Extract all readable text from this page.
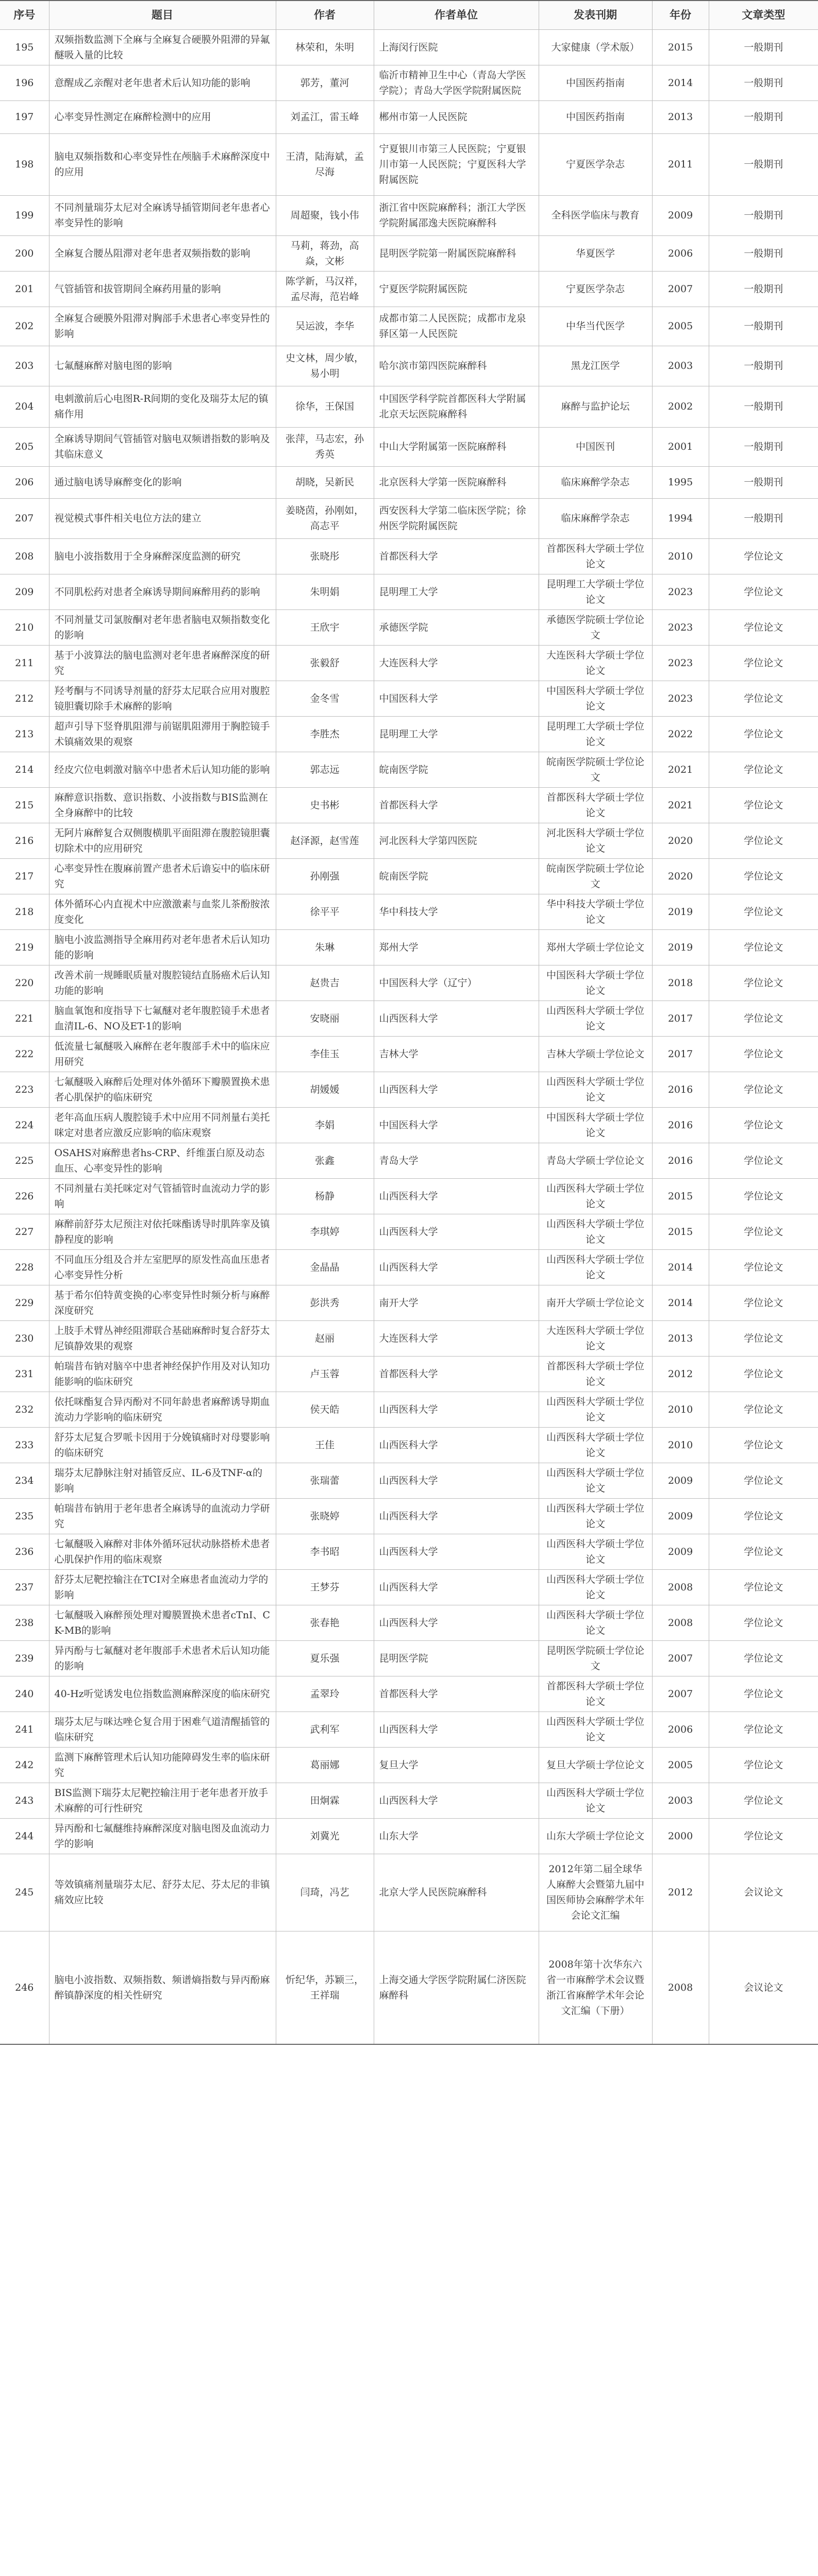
序号	题目	作者	作者单位	发表刊期	年份	文章类型
195	双频指数监测下全麻与全麻复合硬膜外阻滞的异氟醚吸入量的比较	林荣和，朱明	上海闵行医院	大家健康（学术版）	2015	一般期刊
196	意醒成乙亲醒对老年患者术后认知功能的影响	郭芳，董河	临沂市精神卫生中心（青岛大学医学院）；青岛大学医学院附属医院	中国医药指南	2014	一般期刊
197	心率变异性测定在麻醉检测中的应用	刘孟江，雷玉峰	郴州市第一人民医院	中国医药指南	2013	一般期刊
198	脑电双频指数和心率变异性在颅脑手术麻醉深度中的应用	王清，陆海斌，孟尽海	宁夏银川市第三人民医院；宁夏银川市第一人民医院；宁夏医科大学附属医院	宁夏医学杂志	2011	一般期刊
199	不同剂量瑞芬太尼对全麻诱导插管期间老年患者心率变异性的影响	周超聚，钱小伟	浙江省中医院麻醉科；浙江大学医学院附属邵逸夫医院麻醉科	全科医学临床与教育	2009	一般期刊
200	全麻复合腰丛阻滞对老年患者双频指数的影响	马莉，蒋劲，高焱，文彬	昆明医学院第一附属医院麻醉科	华夏医学	2006	一般期刊
201	气管插管和拔管期间全麻药用量的影响	陈学新，马汉祥，孟尽海，范岩峰	宁夏医学院附属医院	宁夏医学杂志	2007	一般期刊
202	全麻复合硬膜外阻滞对胸部手术患者心率变异性的影响	吴运波，李华	成都市第二人民医院；成都市龙泉驿区第一人民医院	中华当代医学	2005	一般期刊
203	七氟醚麻醉对脑电图的影响	史文林，周少敏，易小明	哈尔滨市第四医院麻醉科	黑龙江医学	2003	一般期刊
204	电刺激前后心电图R-R间期的变化及瑞芬太尼的镇痛作用	徐华，王保国	中国医学科学院首都医科大学附属北京天坛医院麻醉科	麻醉与监护论坛	2002	一般期刊
205	全麻诱导期间气管插管对脑电双频谱指数的影响及其临床意义	张萍，马志宏，孙秀英	中山大学附属第一医院麻醉科	中国医刊	2001	一般期刊
206	通过脑电诱导麻醉变化的影响	胡晓，吴新民	北京医科大学第一医院麻醉科	临床麻醉学杂志	1995	一般期刊
207	视觉模式事件相关电位方法的建立	姜晓茵，孙刚如，高志平	西安医科大学第二临床医学院；徐州医学院附属医院	临床麻醉学杂志	1994	一般期刊
208	脑电小波指数用于全身麻醉深度监测的研究	张晓彤	首都医科大学	首都医科大学硕士学位论文	2010	学位论文
209	不同肌松药对患者全麻诱导期间麻醉用药的影响	朱明娟	昆明理工大学	昆明理工大学硕士学位论文	2023	学位论文
210	不同剂量艾司氯胺酮对老年患者脑电双频指数变化的影响	王欣宇	承德医学院	承德医学院硕士学位论文	2023	学位论文
211	基于小波算法的脑电监测对老年患者麻醉深度的研究	张毅舒	大连医科大学	大连医科大学硕士学位论文	2023	学位论文
212	羟考酮与不同诱导剂量的舒芬太尼联合应用对腹腔镜胆囊切除手术麻醉的影响	金冬雪	中国医科大学	中国医科大学硕士学位论文	2023	学位论文
213	超声引导下竖脊肌阻滞与前锯肌阻滞用于胸腔镜手术镇痛效果的观察	李胜杰	昆明理工大学	昆明理工大学硕士学位论文	2022	学位论文
214	经皮穴位电刺激对脑卒中患者术后认知功能的影响	郭志远	皖南医学院	皖南医学院硕士学位论文	2021	学位论文
215	麻醉意识指数、意识指数、小波指数与BIS监测在全身麻醉中的比较	史书彬	首都医科大学	首都医科大学硕士学位论文	2021	学位论文
216	无阿片麻醉复合双侧腹横肌平面阻滞在腹腔镜胆囊切除术中的应用研究	赵泽源，赵雪莲	河北医科大学第四医院	河北医科大学硕士学位论文	2020	学位论文
217	心率变异性在腹麻前置产患者术后谵妄中的临床研究	孙刚强	皖南医学院	皖南医学院硕士学位论文	2020	学位论文
218	体外循环心内直视术中应激激素与血浆儿茶酚胺浓度变化	徐平平	华中科技大学	华中科技大学硕士学位论文	2019	学位论文
219	脑电小波监测指导全麻用药对老年患者术后认知功能的影响	朱琳	郑州大学	郑州大学硕士学位论文	2019	学位论文
220	改善术前一规睡眠质量对腹腔镜结直肠癌术后认知功能的影响	赵贵吉	中国医科大学（辽宁）	中国医科大学硕士学位论文	2018	学位论文
221	脑血氧饱和度指导下七氟醚对老年腹腔镜手术患者血清IL-6、NO及ET-1的影响	安晓丽	山西医科大学	山西医科大学硕士学位论文	2017	学位论文
222	低流量七氟醚吸入麻醉在老年腹部手术中的临床应用研究	李佳玉	吉林大学	吉林大学硕士学位论文	2017	学位论文
223	七氟醚吸入麻醉后处理对体外循环下瓣膜置换术患者心肌保护的临床研究	胡媛媛	山西医科大学	山西医科大学硕士学位论文	2016	学位论文
224	老年高血压病人腹腔镜手术中应用不同剂量右美托咪定对患者应激反应影响的临床观察	李娟	中国医科大学	中国医科大学硕士学位论文	2016	学位论文
225	OSAHS对麻醉患者hs-CRP、纤维蛋白原及动态血压、心率变异性的影响	张鑫	青岛大学	青岛大学硕士学位论文	2016	学位论文
226	不同剂量右美托咪定对气管插管时血流动力学的影响	杨静	山西医科大学	山西医科大学硕士学位论文	2015	学位论文
227	麻醉前舒芬太尼预注对依托咪酯诱导时肌阵挛及镇静程度的影响	李琪婷	山西医科大学	山西医科大学硕士学位论文	2015	学位论文
228	不同血压分组及合并左室肥厚的原发性高血压患者心率变异性分析	金晶晶	山西医科大学	山西医科大学硕士学位论文	2014	学位论文
229	基于希尔伯特黄变换的心率变异性时频分析与麻醉深度研究	彭洪秀	南开大学	南开大学硕士学位论文	2014	学位论文
230	上肢手术臂丛神经阻滞联合基础麻醉时复合舒芬太尼镇静效果的观察	赵丽	大连医科大学	大连医科大学硕士学位论文	2013	学位论文
231	帕瑞昔布钠对脑卒中患者神经保护作用及对认知功能影响的临床研究	卢玉蓉	首都医科大学	首都医科大学硕士学位论文	2012	学位论文
232	依托咪酯复合异丙酚对不同年龄患者麻醉诱导期血流动力学影响的临床研究	侯天皓	山西医科大学	山西医科大学硕士学位论文	2010	学位论文
233	舒芬太尼复合罗哌卡因用于分娩镇痛时对母婴影响的临床研究	王佳	山西医科大学	山西医科大学硕士学位论文	2010	学位论文
234	瑞芬太尼静脉注射对插管反应、IL-6及TNF-α的影响	张瑞蕾	山西医科大学	山西医科大学硕士学位论文	2009	学位论文
235	帕瑞昔布钠用于老年患者全麻诱导的血流动力学研究	张晓婷	山西医科大学	山西医科大学硕士学位论文	2009	学位论文
236	七氟醚吸入麻醉对非体外循环冠状动脉搭桥术患者心肌保护作用的临床观察	李书昭	山西医科大学	山西医科大学硕士学位论文	2009	学位论文
237	舒芬太尼靶控输注在TCI对全麻患者血流动力学的影响	王梦芬	山西医科大学	山西医科大学硕士学位论文	2008	学位论文
238	七氟醚吸入麻醉预处理对瓣膜置换术患者cTnI、CK-MB的影响	张春艳	山西医科大学	山西医科大学硕士学位论文	2008	学位论文
239	异丙酚与七氟醚对老年腹部手术患者术后认知功能的影响	夏乐强	昆明医学院	昆明医学院硕士学位论文	2007	学位论文
240	40-Hz听觉诱发电位指数监测麻醉深度的临床研究	孟翠玲	首都医科大学	首都医科大学硕士学位论文	2007	学位论文
241	瑞芬太尼与咪达唑仑复合用于困难气道清醒插管的临床研究	武利军	山西医科大学	山西医科大学硕士学位论文	2006	学位论文
242	监测下麻醉管理术后认知功能障碍发生率的临床研究	葛丽娜	复旦大学	复旦大学硕士学位论文	2005	学位论文
243	BIS监测下瑞芬太尼靶控输注用于老年患者开放手术麻醉的可行性研究	田炯霖	山西医科大学	山西医科大学硕士学位论文	2003	学位论文
244	异丙酚和七氟醚维持麻醉深度对脑电图及血流动力学的影响	刘冀光	山东大学	山东大学硕士学位论文	2000	学位论文
245	等效镇痛剂量瑞芬太尼、舒芬太尼、芬太尼的非镇痛效应比较	闫琦，冯艺	北京大学人民医院麻醉科	2012年第二届全球华人麻醉大会暨第九届中国医师协会麻醉学术年会论文汇编	2012	会议论文
246	脑电小波指数、双频指数、频谱熵指数与异丙酚麻醉镇静深度的相关性研究	忻纪华，苏颖三，王祥瑞	上海交通大学医学院附属仁济医院麻醉科	2008年第十次华东六省一市麻醉学术会议暨浙江省麻醉学术年会论文汇编（下册）	2008	会议论文
